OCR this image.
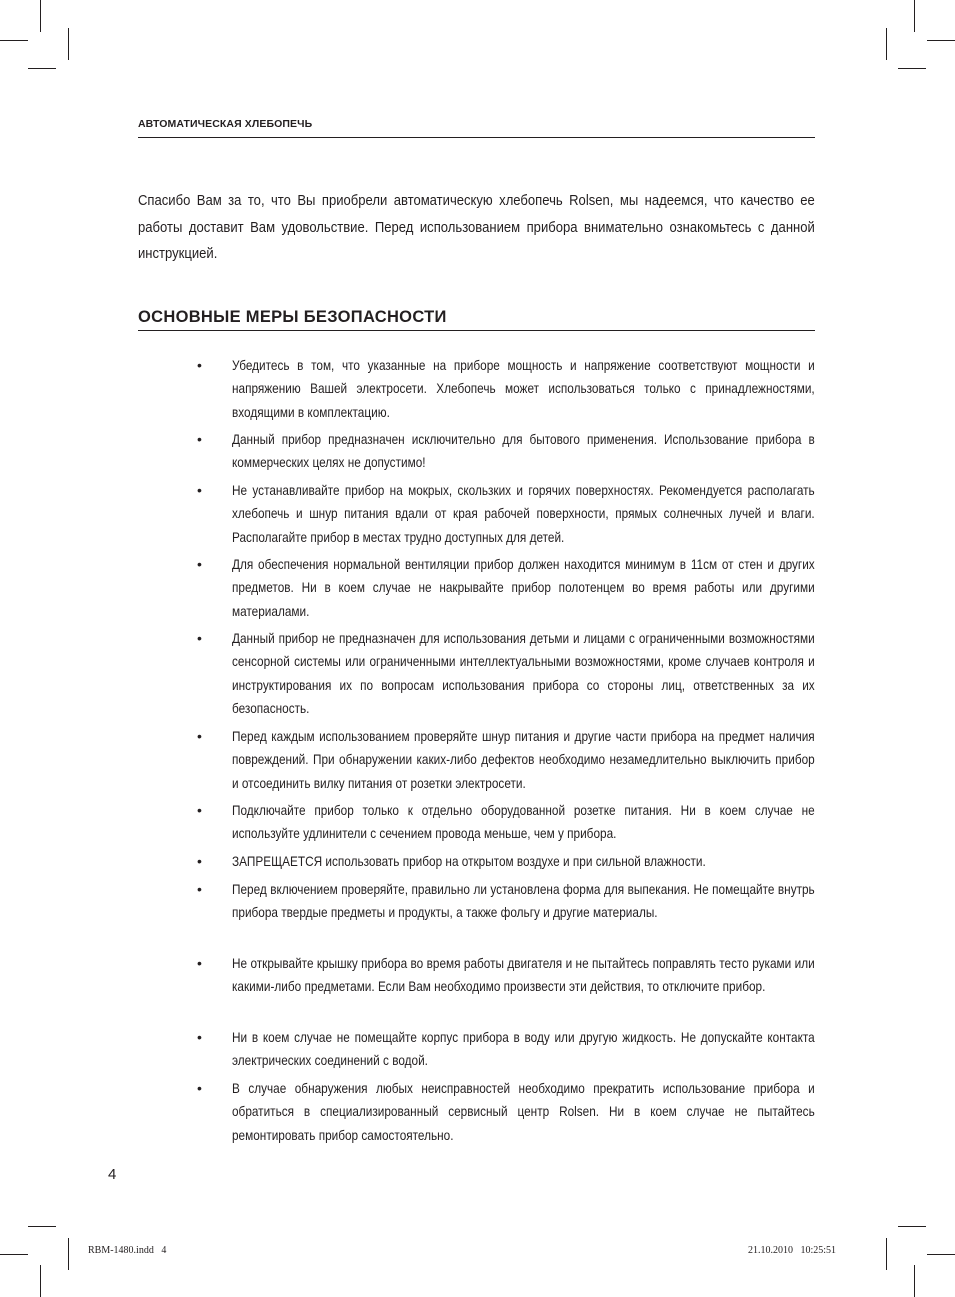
АВТОМАТИЧЕСКАЯ ХЛЕБОПЕЧЬ

Спасибо Вам за то, что Вы приобрели автоматическую хлебопечь Rolsen, мы надеемся, что качество ее работы доставит Вам удовольствие. Перед использованием прибора внимательно ознакомьтесь с данной инструкцией.

ОСНОВНЫЕ МЕРЫ БЕЗОПАСНОСТИ
• Убедитесь в том, что указанные на приборе мощность и напряжение соответствуют мощности и напряжению Вашей электросети. Хлебопечь может использоваться только с принадлежностями, входящими в комплектацию.
• Данный прибор предназначен исключительно для бытового применения. Использование прибора в коммерческих целях не допустимо!
• Не устанавливайте прибор на мокрых, скользких и горячих поверхностях. Рекомендуется располагать хлебопечь и шнур питания вдали от края рабочей поверхности, прямых солнечных лучей и влаги. Располагайте прибор в местах трудно доступных для детей.
• Для обеспечения нормальной вентиляции прибор должен находится минимум в 11см от стен и других предметов. Ни в коем случае не накрывайте прибор полотенцем во время работы или другими материалами.
• Данный прибор не предназначен для использования детьми и лицами с ограниченными возможностями сенсорной системы или ограниченными интеллектуальными возможностями, кроме случаев контроля и инструктирования их по вопросам использования прибора со стороны лиц, ответственных за их безопасность.
• Перед каждым использованием проверяйте шнур питания и другие части прибора на предмет наличия повреждений. При обнаружении каких-либо дефектов необходимо незамедлительно выключить прибор и отсоединить вилку питания от розетки электросети.
• Подключайте прибор только к отдельно оборудованной розетке питания. Ни в коем случае не используйте удлинители с сечением провода меньше, чем у прибора.
• ЗАПРЕЩАЕТСЯ использовать прибор на открытом воздухе и при сильной влажности.
• Перед включением проверяйте, правильно ли установлена форма для выпекания. Не помещайте внутрь прибора твердые предметы и продукты, а также фольгу и другие материалы.
• Не открывайте крышку прибора во время работы двигателя и не пытайтесь поправлять тесто руками или какими-либо предметами. Если Вам необходимо произвести эти действия, то отключите прибор.
• Ни в коем случае не помещайте корпус прибора в воду или другую жидкость. Не допускайте контакта электрических соединений с водой.
• В случае обнаружения любых неисправностей необходимо прекратить использование прибора и обратиться в специализированный сервисный центр Rolsen. Ни в коем случае не пытайтесь ремонтировать прибор самостоятельно.
4
RBM-1480.indd   4	21.10.2010   10:25:51
